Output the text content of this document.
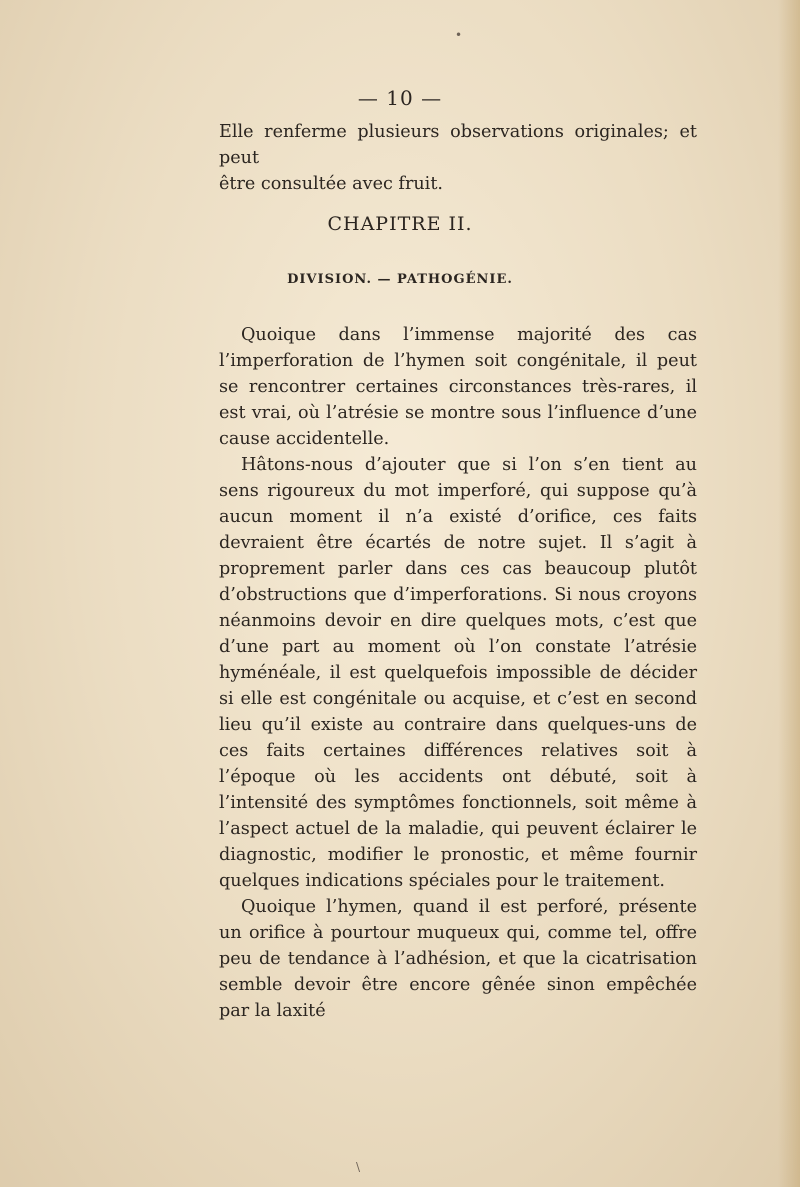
•
\
— 10 —

Elle renferme plusieurs observations originales; et peut

être consultée avec fruit.

CHAPITRE II.
DIVISION. — PATHOGÉNIE.

Quoique dans l’immense majorité des cas l’imperforation de l’hymen soit congénitale, il peut se rencontrer certaines circonstances très-rares, il est vrai, où l’atrésie se montre sous l’influence d’une cause accidentelle.

Hâtons-nous d’ajouter que si l’on s’en tient au sens rigoureux du mot imperforé, qui suppose qu’à aucun moment il n’a existé d’orifice, ces faits devraient être écartés de notre sujet. Il s’agit à proprement parler dans ces cas beaucoup plutôt d’obstructions que d’imperforations. Si nous croyons néanmoins devoir en dire quelques mots, c’est que d’une part au moment où l’on constate l’atrésie hyménéale, il est quelquefois impossible de décider si elle est congénitale ou acquise, et c’est en second lieu qu’il existe au contraire dans quelques-uns de ces faits certaines différences relatives soit à l’époque où les accidents ont débuté, soit à l’intensité des symptômes fonctionnels, soit même à l’aspect actuel de la maladie, qui peuvent éclairer le diagnostic, modifier le pronostic, et même fournir quelques indications spéciales pour le traitement.

Quoique l’hymen, quand il est perforé, présente un orifice à pourtour muqueux qui, comme tel, offre peu de tendance à l’adhésion, et que la cicatrisation semble devoir être encore gênée sinon empêchée par la laxité
